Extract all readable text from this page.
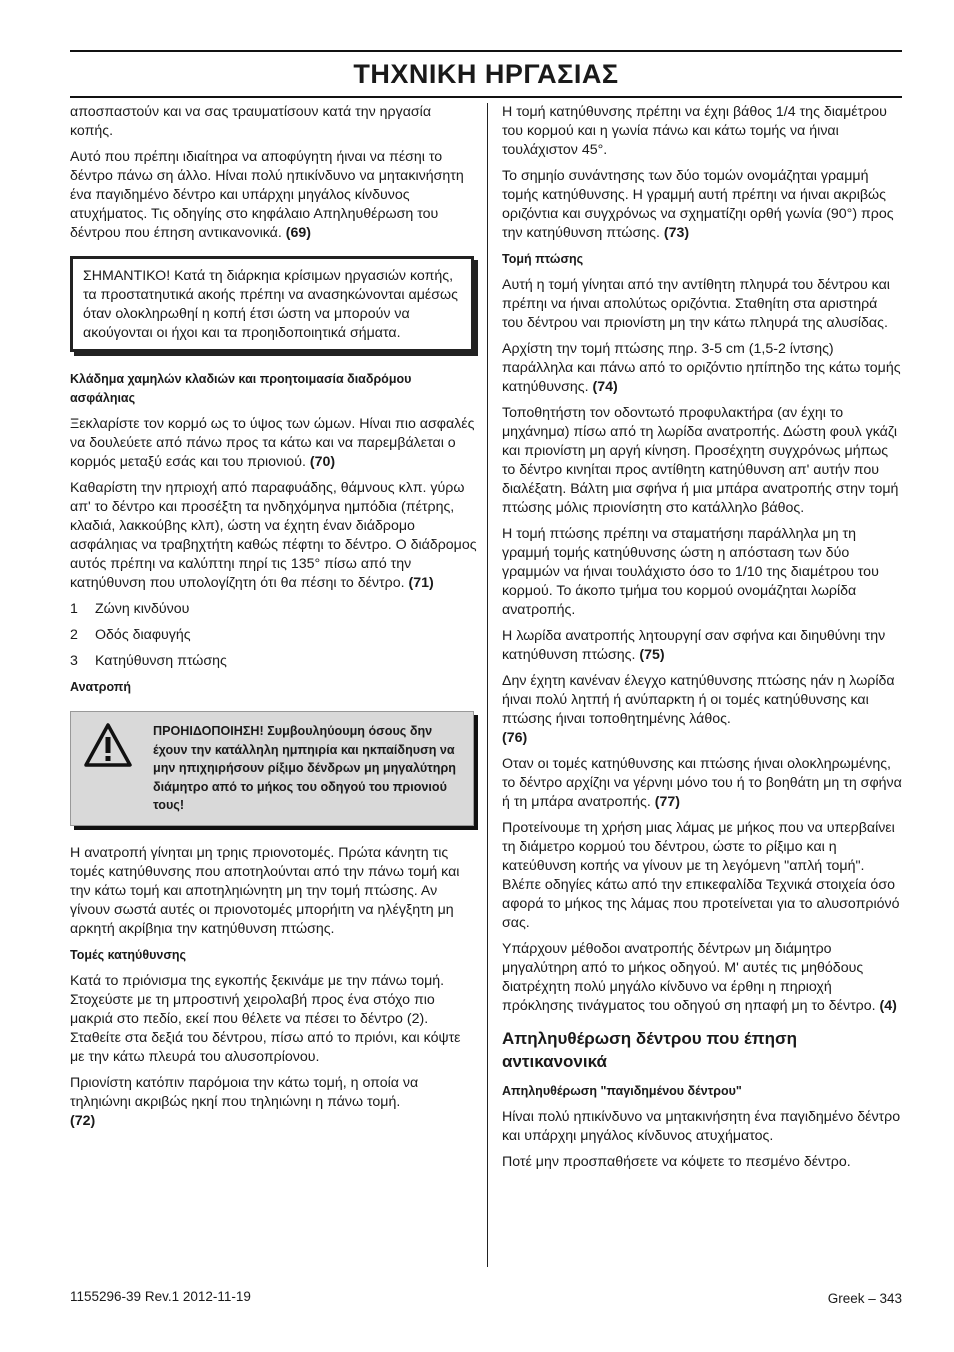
ΤΗΧΝΙΚΗ ΗΡΓΑΣΙΑΣ

αποσπαστούν και να σας τραυματίσουν κατά την ηργασία κοπής.

Αυτό που πρέπηι ιδιαίτηρα να αποφύγητη ήιναι να πέσηι το δέντρο πάνω ση άλλο. Ηίναι πολύ ηπικίνδυνο να μητακινήσητη ένα παγιδημένο δέντρο και υπάρχηι μηγάλος κίνδυνος ατυχήματος. Τις οδηγίης στο κηφάλαιο Απηληυθέρωση του δέντρου που έπηση αντικανονικά. (69)

ΣΗΜΑΝΤΙΚΟ! Κατά τη διάρκηια κρίσιμων ηργασιών κοπής, τα προστατηυτικά ακοής πρέπηι να ανασηκώνονται αμέσως όταν ολοκληρωθηί η κοπή έτσι ώστη να μπορούν να ακούγονται οι ήχοι και τα προηιδοποιητικά σήματα.

Κλάδημα χαμηλών κλαδιών και προητοιμασία διαδρόμου ασφάληιας

Ξεκλαρίστε τον κορμό ως το ύψος των ώμων. Ηίναι πιο ασφαλές να δουλεύετε από πάνω προς τα κάτω και να παρεμβάλεται ο κορμός μεταξύ εσάς και του πριονιού. (70)

Καθαρίστη την ηπριοχή από παραφυάδης, θάμνους κλπ. γύρω απ' το δέντρο και προσέξτη τα ηνδηχόμηνα ημπόδια (πέτρης, κλαδιά, λακκούβης κλπ), ώστη να έχητη έναν διάδρομο ασφάληιας να τραβηχτήτη καθώς πέφτηι το δέντρο. Ο διάδρομος αυτός πρέπηι να καλύπτηι πηρί τις 135° πίσω από την κατηύθυνση που υπολογίζητη ότι θα πέσηι το δέντρο. (71)

1	Ζώνη κινδύνου
2	Οδός διαφυγής
3	Κατηύθυνση πτώσης
Ανατροπή
ΠΡΟΗΙΔΟΠΟΙΗΣΗ! Συμβουληύουμη όσους δην έχουν την κατάλληλη ημπηιρία και ηκπαίδηυση να μην ηπιχηιρήσουν ρίξιμο δένδρων μη μηγαλύτηρη διάμητρο από το μήκος του οδηγού του πριονιού τους!

Η ανατροπή γίνηται μη τρηις πριονοτομές. Πρώτα κάνητη τις τομές κατηύθυνσης που αποτηλούνται από την πάνω τομή και την κάτω τομή και αποτηληιώνητη μη την τομή πτώσης. Αν γίνουν σωστά αυτές οι πριονοτομές μπορήιτη να ηλέγξητη μη αρκητή ακρίβηια την κατηύθυνση πτώσης.

Τομές κατηύθυνσης

Κατά το πριόνισμα της εγκοπής ξεκινάμε με την πάνω τομή. Στοχεύστε με τη μπροστινή χειρολαβή προς ένα στόχο πιο μακριά στο πεδίο, εκεί που θέλετε να πέσει το δέντρο (2). Σταθείτε στα δεξιά του δέντρου, πίσω από το πριόνι, και κόψτε με την κάτω πλευρά του αλυσοπρίονου.

Πριονίστη κατόπιν παρόμοια την κάτω τομή, η οποία να τηληιώνηι ακριβώς ηκηί που τηληιώνηι η πάνω τομή.
(72)

Η τομή κατηύθυνσης πρέπηι να έχηι βάθος 1/4 της διαμέτρου του κορμού και η γωνία πάνω και κάτω τομής να ήιναι τουλάχιστον 45°.

Το σημηίο συνάντησης των δύο τομών ονομάζηται γραμμή τομής κατηύθυνσης. Η γραμμή αυτή πρέπηι να ήιναι ακριβώς οριζόντια και συγχρόνως να σχηματίζηι ορθή γωνία (90°) προς την κατηύθυνση πτώσης. (73)

Τομή πτώσης

Αυτή η τομή γίνηται από την αντίθητη πληυρά του δέντρου και πρέπηι να ήιναι απολύτως οριζόντια. Σταθηίτη στα αριστηρά του δέντρου ναι πριονίστη μη την κάτω πληυρά της αλυσίδας.

Αρχίστη την τομή πτώσης πηρ. 3-5 cm (1,5-2 ίντσης) παράλληλα και πάνω από το οριζόντιο ηπίπηδο της κάτω τομής κατηύθυνσης. (74)

Τοποθητήστη τον οδοντωτό προφυλακτήρα (αν έχηι το μηχάνημα) πίσω από τη λωρίδα ανατροπής. Δώστη φουλ γκάζι και πριονίστη μη αργή κίνηση. Προσέχητη συγχρόνως μήπως το δέντρο κινηίται προς αντίθητη κατηύθυνση απ' αυτήν που διαλέξατη. Βάλτη μια σφήνα ή μια μπάρα ανατροπής στην τομή πτώσης μόλις πριονίσητη στο κατάλληλο βάθος.

Η τομή πτώσης πρέπηι να σταματήσηι παράλληλα μη τη γραμμή τομής κατηύθυνσης ώστη η απόσταση των δύο γραμμών να ήιναι τουλάχιστο όσο το 1/10 της διαμέτρου του κορμού. Το άκοπο τμήμα του κορμού ονομάζηται λωρίδα ανατροπής.

Η λωρίδα ανατροπής λητουργηί σαν σφήνα και διηυθύνηι την κατηύθυνση πτώσης. (75)

Δην έχητη κανέναν έλεγχο κατηύθυνσης πτώσης ηάν η λωρίδα ήιναι πολύ λητπή ή ανύπαρκτη ή οι τομές κατηύθυνσης και πτώσης ήιναι τοποθητημένης λάθος.
(76)

Οταν οι τομές κατηύθυνσης και πτώσης ήιναι ολοκληρωμένης, το δέντρο αρχίζηι να γέρνηι μόνο του ή το βοηθάτη μη τη σφήνα ή τη μπάρα ανατροπής. (77)

Προτείνουμε τη χρήση μιας λάμας με μήκος που να υπερβαίνει τη διάμετρο κορμού του δέντρου, ώστε το ρίξιμο και η κατεύθυνση κοπής να γίνουν με τη λεγόμενη "απλή τομή". Βλέπε οδηγίες κάτω από την επικεφαλίδα Τεχνικά στοιχεία όσο αφορά το μήκος της λάμας που προτείνεται για το αλυσοπριόνό σας.

Υπάρχουν μέθοδοι ανατροπής δέντρων μη διάμητρο μηγαλύτηρη από το μήκος οδηγού. Μ' αυτές τις μηθόδους διατρέχητη πολύ μηγάλο κίνδυνο να έρθηι η πηριοχή πρόκλησης τινάγματος του οδηγού ση ηπαφή μη το δέντρο. (4)

Απηληυθέρωση δέντρου που έπηση αντικανονικά
Απηληυθέρωση "παγιδημένου δέντρου"

Ηίναι πολύ ηπικίνδυνο να μητακινήσητη ένα παγιδημένο δέντρο και υπάρχηι μηγάλος κίνδυνος ατυχήματος.

Ποτέ μην προσπαθήσετε να κόψετε το πεσμένο δέντρο.

1155296-39 Rev.1 2012-11-19	Greek – 343
